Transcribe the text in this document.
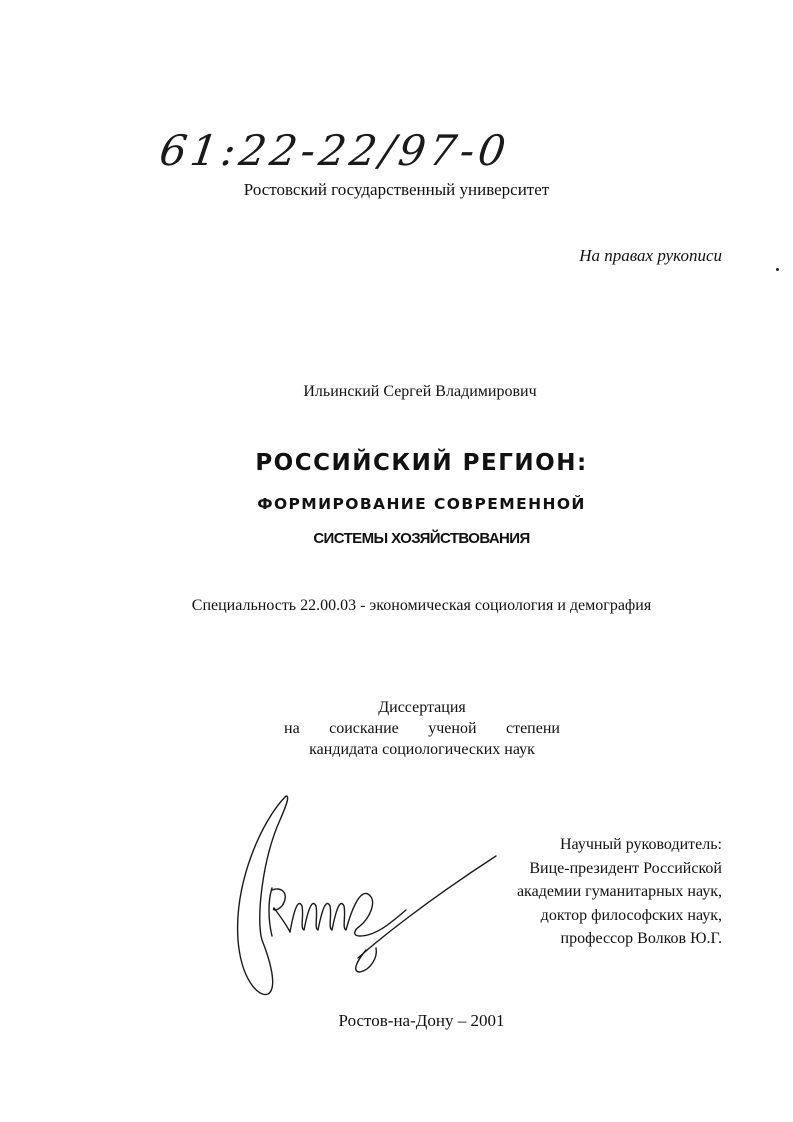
61:22-22/97-0
Ростовский государственный университет
На правах рукописи
Ильинский Сергей Владимирович
РОССИЙСКИЙ РЕГИОН:
ФОРМИРОВАНИЕ СОВРЕМЕННОЙ
СИСТЕМЫ ХОЗЯЙСТВОВАНИЯ
Специальность 22.00.03 - экономическая социология и демография
Диссертация
на соискание ученой степени
кандидата социологических наук
Научный руководитель:
Вице-президент Российской
академии гуманитарных наук,
доктор философских наук,
профессор Волков Ю.Г.
Ростов-на-Дону – 2001
